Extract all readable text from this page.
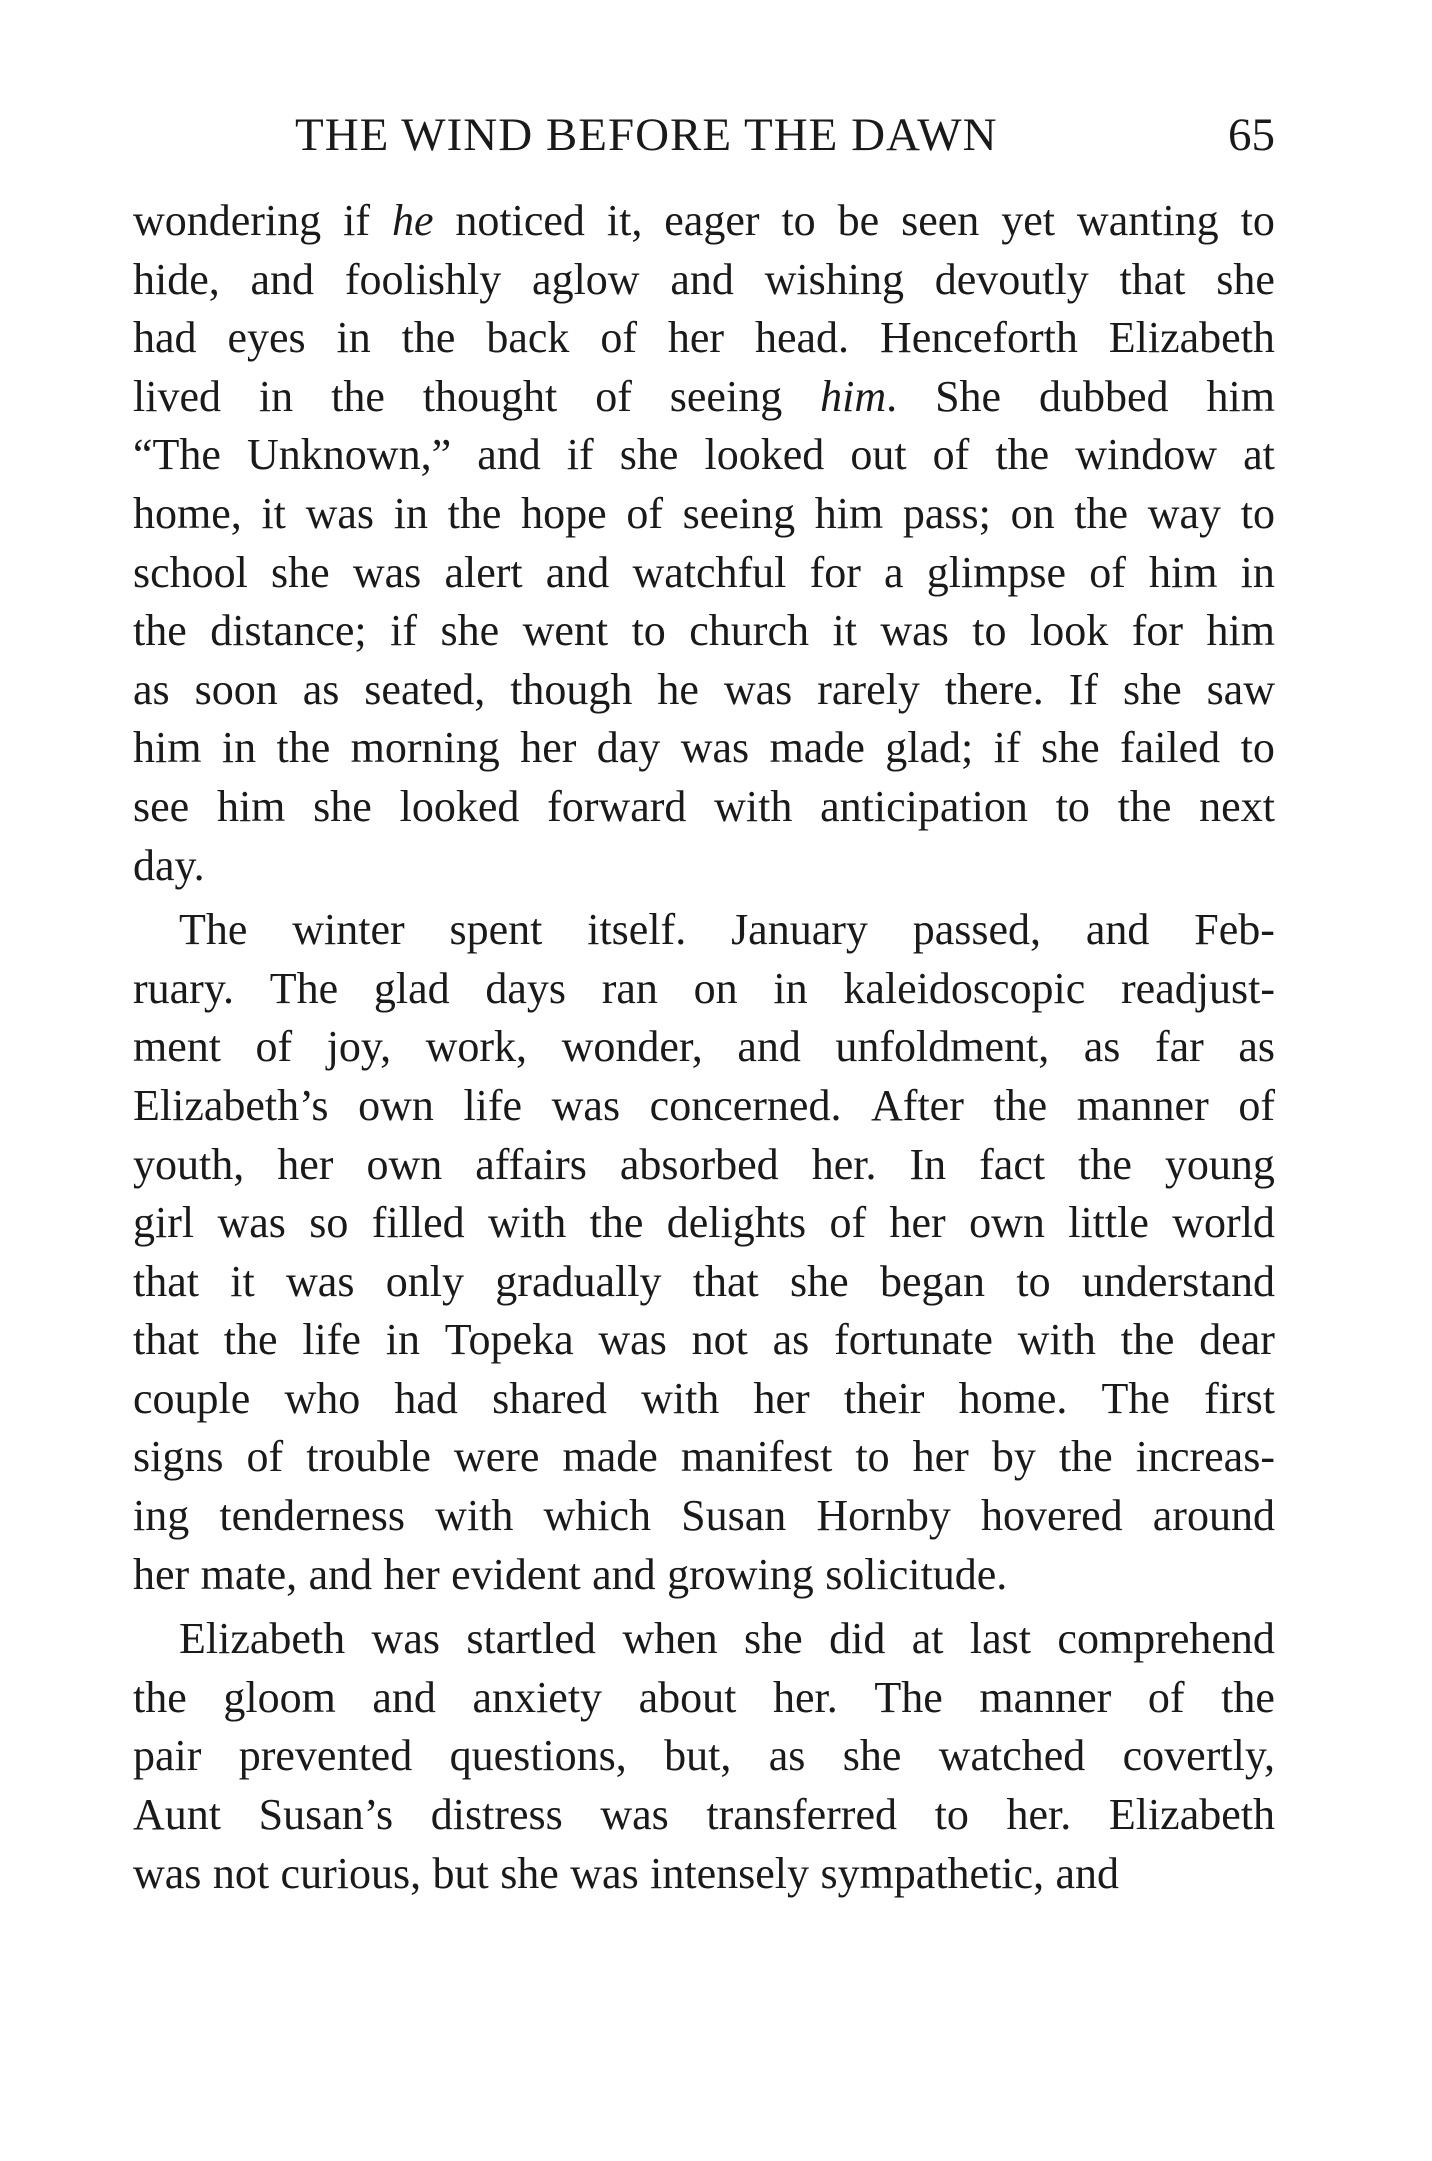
THE WIND BEFORE THE DAWN	65
wondering if he noticed it, eager to be seen yet wanting to
hide, and foolishly aglow and wishing devoutly that she
had eyes in the back of her head. Henceforth Elizabeth
lived in the thought of seeing him. She dubbed him
“The Unknown,” and if she looked out of the window at
home, it was in the hope of seeing him pass; on the way to
school she was alert and watchful for a glimpse of him in
the distance; if she went to church it was to look for him
as soon as seated, though he was rarely there. If she saw
him in the morning her day was made glad; if she failed to
see him she looked forward with anticipation to the next
day.
The winter spent itself. January passed, and Feb-
ruary. The glad days ran on in kaleidoscopic readjust-
ment of joy, work, wonder, and unfoldment, as far as
Elizabeth’s own life was concerned. After the manner of
youth, her own affairs absorbed her. In fact the young
girl was so filled with the delights of her own little world
that it was only gradually that she began to understand
that the life in Topeka was not as fortunate with the dear
couple who had shared with her their home. The first
signs of trouble were made manifest to her by the increas-
ing tenderness with which Susan Hornby hovered around
her mate, and her evident and growing solicitude.
Elizabeth was startled when she did at last comprehend
the gloom and anxiety about her. The manner of the
pair prevented questions, but, as she watched covertly,
Aunt Susan’s distress was transferred to her. Elizabeth
was not curious, but she was intensely sympathetic, and
